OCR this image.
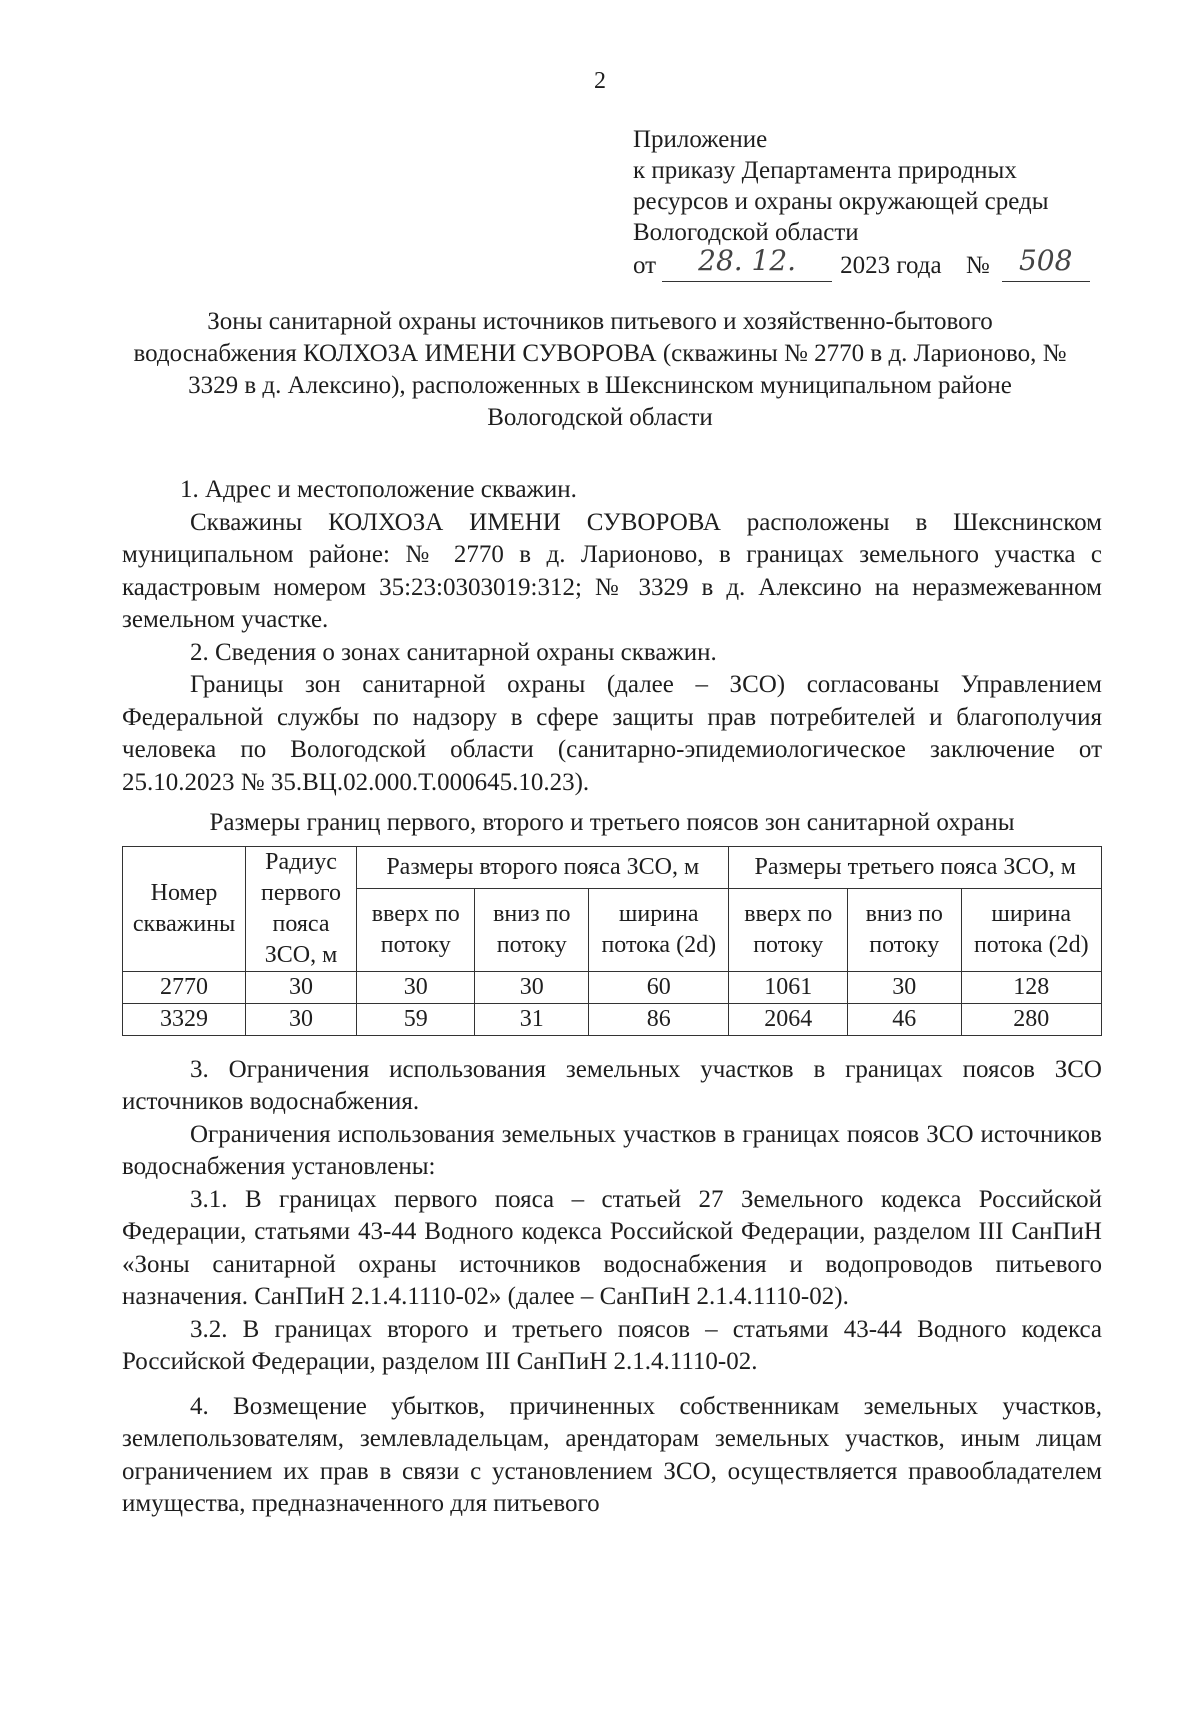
2
Приложение
к приказу Департамента природных
ресурсов и охраны окружающей среды
Вологодской области
от 28. 12. 2023 года № 508
Зоны санитарной охраны источников питьевого и хозяйственно-бытового водоснабжения КОЛХОЗА ИМЕНИ СУВОРОВА (скважины № 2770 в д. Ларионово, № 3329 в д. Алексино), расположенных в Шекснинском муниципальном районе Вологодской области

1. Адрес и местоположение скважин.

Скважины КОЛХОЗА ИМЕНИ СУВОРОВА расположены в Шекснинском муниципальном районе: № 2770 в д. Ларионово, в границах земельного участка с кадастровым номером 35:23:0303019:312; № 3329 в д. Алексино на неразмежеванном земельном участке.

2. Сведения о зонах санитарной охраны скважин.

Границы зон санитарной охраны (далее – ЗСО) согласованы Управлением Федеральной службы по надзору в сфере защиты прав потребителей и благополучия человека по Вологодской области (санитарно-эпидемиологическое заключение от 25.10.2023 № 35.ВЦ.02.000.Т.000645.10.23).

Размеры границ первого, второго и третьего поясов зон санитарной охраны
Номер скважины	Радиус первого пояса ЗСО, м	Размеры второго пояса ЗСО, м			Размеры третьего пояса ЗСО, м		
		вверх по потоку	вниз по потоку	ширина потока (2d)	вверх по потоку	вниз по потоку	ширина потока (2d)
2770	30	30	30	60	1061	30	128
3329	30	59	31	86	2064	46	280

3. Ограничения использования земельных участков в границах поясов ЗСО источников водоснабжения.

Ограничения использования земельных участков в границах поясов ЗСО источников водоснабжения установлены:

3.1. В границах первого пояса – статьей 27 Земельного кодекса Российской Федерации, статьями 43-44 Водного кодекса Российской Федерации, разделом III СанПиН «Зоны санитарной охраны источников водоснабжения и водопроводов питьевого назначения. СанПиН 2.1.4.1110-02» (далее – СанПиН 2.1.4.1110-02).

3.2. В границах второго и третьего поясов – статьями 43-44 Водного кодекса Российской Федерации, разделом III СанПиН 2.1.4.1110-02.

4. Возмещение убытков, причиненных собственникам земельных участков, землепользователям, землевладельцам, арендаторам земельных участков, иным лицам ограничением их прав в связи с установлением ЗСО, осуществляется правообладателем имущества, предназначенного для питьевого
